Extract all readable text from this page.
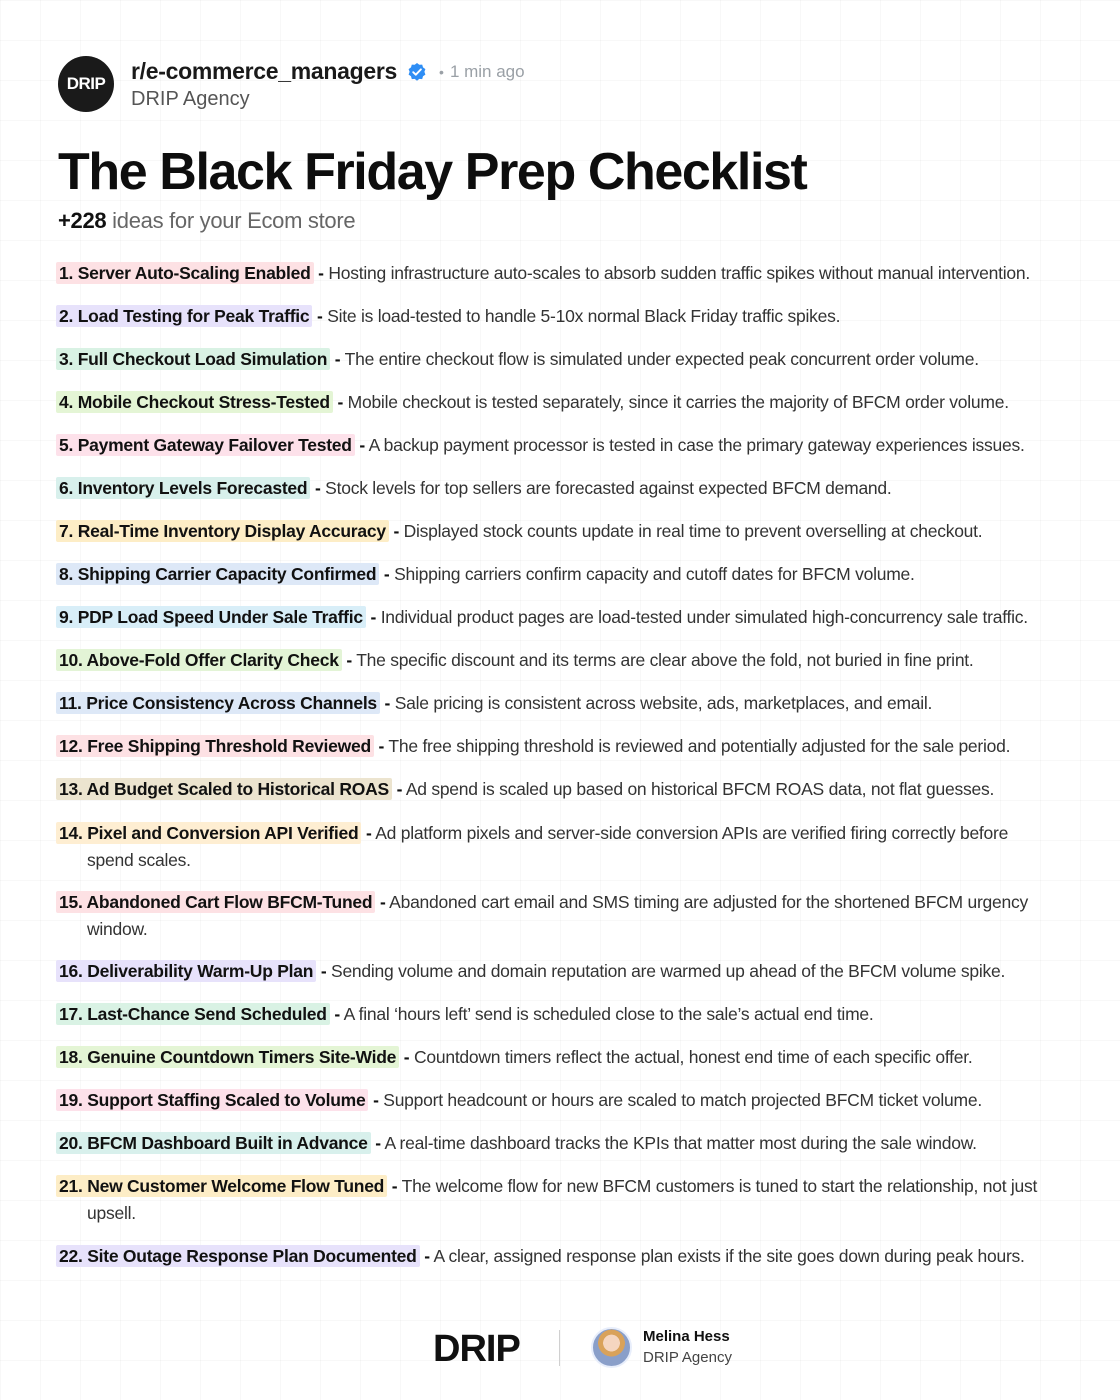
DRIP r/e-commerce_managers	• 1 min ago
DRIP Agency
The Black Friday Prep Checklist
+228 ideas for your Ecom store
1. Server Auto-Scaling Enabled - Hosting infrastructure auto-scales to absorb sudden traffic spikes without manual intervention.
2. Load Testing for Peak Traffic - Site is load-tested to handle 5-10x normal Black Friday traffic spikes.
3. Full Checkout Load Simulation - The entire checkout flow is simulated under expected peak concurrent order volume.
4. Mobile Checkout Stress-Tested - Mobile checkout is tested separately, since it carries the majority of BFCM order volume.
5. Payment Gateway Failover Tested - A backup payment processor is tested in case the primary gateway experiences issues.
6. Inventory Levels Forecasted - Stock levels for top sellers are forecasted against expected BFCM demand.
7. Real-Time Inventory Display Accuracy - Displayed stock counts update in real time to prevent overselling at checkout.
8. Shipping Carrier Capacity Confirmed - Shipping carriers confirm capacity and cutoff dates for BFCM volume.
9. PDP Load Speed Under Sale Traffic - Individual product pages are load-tested under simulated high-concurrency sale traffic.
10. Above-Fold Offer Clarity Check - The specific discount and its terms are clear above the fold, not buried in fine print.
11. Price Consistency Across Channels - Sale pricing is consistent across website, ads, marketplaces, and email.
12. Free Shipping Threshold Reviewed - The free shipping threshold is reviewed and potentially adjusted for the sale period.
13. Ad Budget Scaled to Historical ROAS - Ad spend is scaled up based on historical BFCM ROAS data, not flat guesses.
14. Pixel and Conversion API Verified - Ad platform pixels and server-side conversion APIs are verified firing correctly before
spend scales.
15. Abandoned Cart Flow BFCM-Tuned - Abandoned cart email and SMS timing are adjusted for the shortened BFCM urgency
window.
16. Deliverability Warm-Up Plan - Sending volume and domain reputation are warmed up ahead of the BFCM volume spike.
17. Last-Chance Send Scheduled - A final ‘hours left’ send is scheduled close to the sale’s actual end time.
18. Genuine Countdown Timers Site-Wide - Countdown timers reflect the actual, honest end time of each specific offer.
19. Support Staffing Scaled to Volume - Support headcount or hours are scaled to match projected BFCM ticket volume.
20. BFCM Dashboard Built in Advance - A real-time dashboard tracks the KPIs that matter most during the sale window.
21. New Customer Welcome Flow Tuned - The welcome flow for new BFCM customers is tuned to start the relationship, not just
upsell.
22. Site Outage Response Plan Documented - A clear, assigned response plan exists if the site goes down during peak hours.
DRIP	Melina Hess
DRIP Agency
